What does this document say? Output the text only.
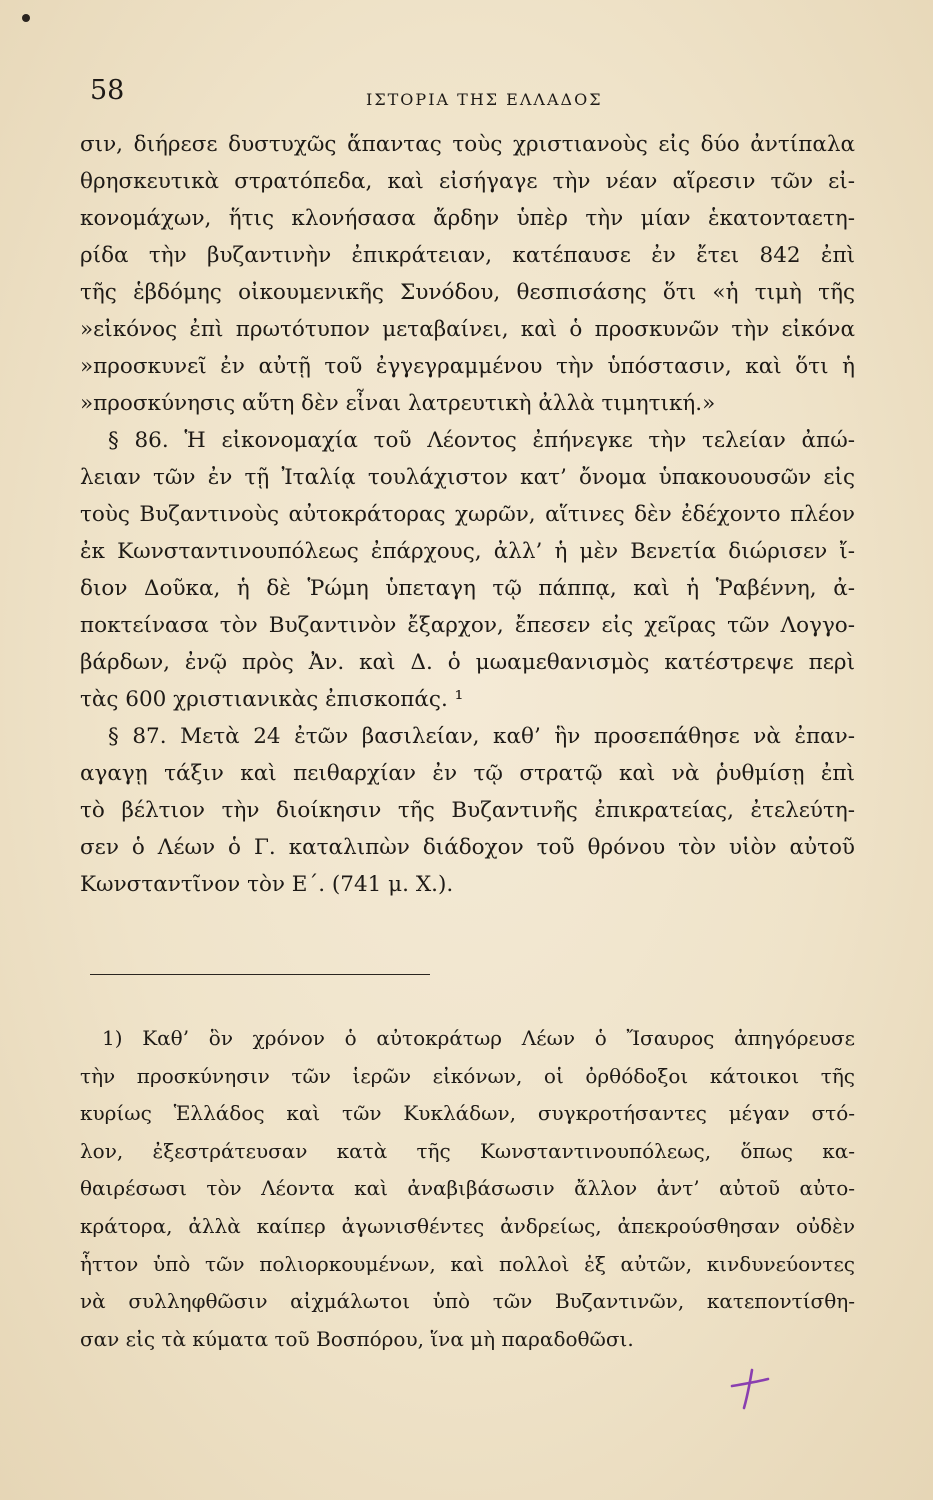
58	ΙΣΤΟΡΙΑ ΤΗΣ ΕΛΛΑΔΟΣ
σιν, διήρεσε δυστυχῶς ἅπαντας τοὺς χριστιανοὺς εἰς δύο ἀντίπαλα
θρησκευτικὰ στρατόπεδα, καὶ εἰσήγαγε τὴν νέαν αἵρεσιν τῶν εἰ-
κονομάχων, ἥτις κλονήσασα ἄρδην ὑπὲρ τὴν μίαν ἑκατονταετη-
ρίδα τὴν βυζαντινὴν ἐπικράτειαν, κατέπαυσε ἐν ἔτει 842 ἐπὶ
τῆς ἑβδόμης οἰκουμενικῆς Συνόδου, θεσπισάσης ὅτι «ἡ τιμὴ τῆς
»εἰκόνος ἐπὶ πρωτότυπον μεταβαίνει, καὶ ὁ προσκυνῶν τὴν εἰκόνα
»προσκυνεῖ ἐν αὐτῇ τοῦ ἐγγεγραμμένου τὴν ὑπόστασιν, καὶ ὅτι ἡ
»προσκύνησις αὕτη δὲν εἶναι λατρευτικὴ ἀλλὰ τιμητική.»
§ 86. Ἡ εἰκονομαχία τοῦ Λέοντος ἐπήνεγκε τὴν τελείαν ἀπώ-
λειαν τῶν ἐν τῇ Ἰταλίᾳ τουλάχιστον κατ’ ὄνομα ὑπακουουσῶν εἰς
τοὺς Βυζαντινοὺς αὐτοκράτορας χωρῶν, αἵτινες δὲν ἐδέχοντο πλέον
ἐκ Κωνσταντινουπόλεως ἐπάρχους, ἀλλ’ ἡ μὲν Βενετία διώρισεν ἴ-
διον Δοῦκα, ἡ δὲ Ῥώμη ὑπεταγη τῷ πάππᾳ, καὶ ἡ Ῥαβέννη, ἀ-
ποκτείνασα τὸν Βυζαντινὸν ἔξαρχον, ἔπεσεν εἰς χεῖρας τῶν Λογγο-
βάρδων, ἐνῷ πρὸς Ἀν. καὶ Δ. ὁ μωαμεθανισμὸς κατέστρεψε περὶ
τὰς 600 χριστιανικὰς ἐπισκοπάς. ¹
§ 87. Μετὰ 24 ἐτῶν βασιλείαν, καθ’ ἣν προσεπάθησε νὰ ἐπαν-
αγαγῃ τάξιν καὶ πειθαρχίαν ἐν τῷ στρατῷ καὶ νὰ ῥυθμίσῃ ἐπὶ
τὸ βέλτιον τὴν διοίκησιν τῆς Βυζαντινῆς ἐπικρατείας, ἐτελεύτη-
σεν ὁ Λέων ὁ Γ. καταλιπὼν διάδοχον τοῦ θρόνου τὸν υἱὸν αὐτοῦ
Κωνσταντῖνον τὸν Ε΄. (741 μ. Χ.).
1) Καθ’ ὃν χρόνον ὁ αὐτοκράτωρ Λέων ὁ Ἴσαυρος ἀπηγόρευσε
τὴν προσκύνησιν τῶν ἱερῶν εἰκόνων, οἱ ὀρθόδοξοι κάτοικοι τῆς
κυρίως Ἑλλάδος καὶ τῶν Κυκλάδων, συγκροτήσαντες μέγαν στό-
λον, ἐξεστράτευσαν κατὰ τῆς Κωνσταντινουπόλεως, ὅπως κα-
θαιρέσωσι τὸν Λέοντα καὶ ἀναβιβάσωσιν ἄλλον ἀντ’ αὐτοῦ αὐτο-
κράτορα, ἀλλὰ καίπερ ἀγωνισθέντες ἀνδρείως, ἀπεκρούσθησαν οὐδὲν
ἧττον ὑπὸ τῶν πολιορκουμένων, καὶ πολλοὶ ἐξ αὐτῶν, κινδυνεύοντες
νὰ συλληφθῶσιν αἰχμάλωτοι ὑπὸ τῶν Βυζαντινῶν, κατεποντίσθη-
σαν εἰς τὰ κύματα τοῦ Βοσπόρου, ἵνα μὴ παραδοθῶσι.
